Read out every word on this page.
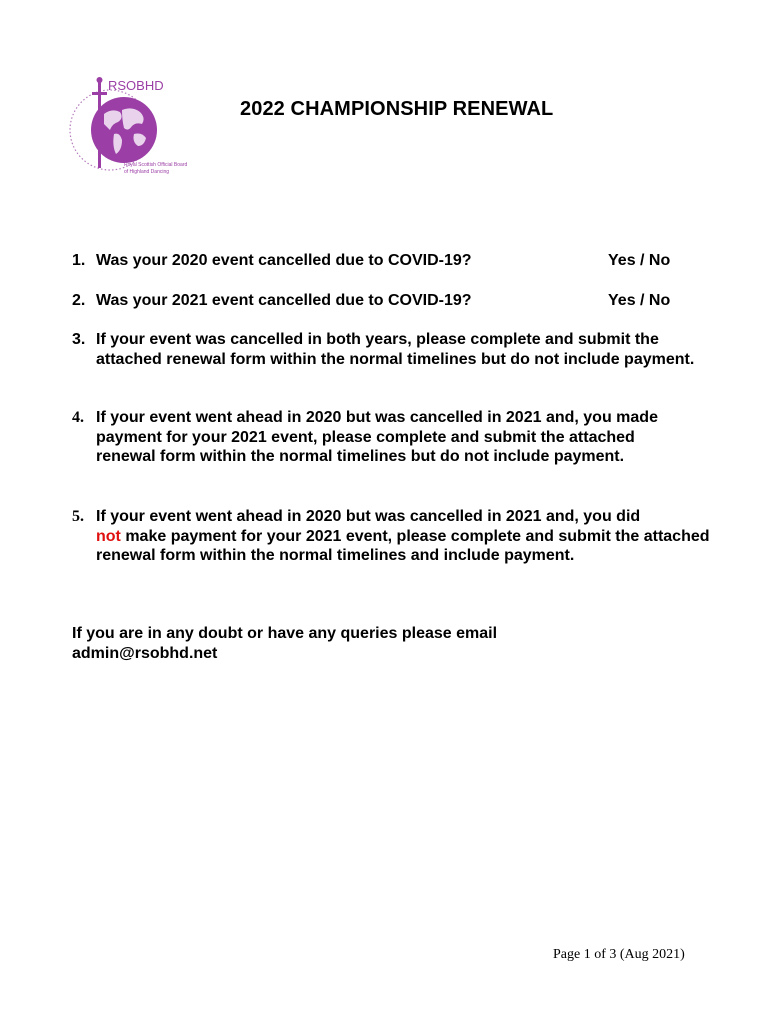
RSOBHD
Royal Scottish Official Board
of Highland Dancing
2022 CHAMPIONSHIP RENEWAL
1. Was your 2020 event cancelled due to COVID-19?	Yes / No
2. Was your 2021 event cancelled due to COVID-19?	Yes / No
3. If your event was cancelled in both years, please complete and submit the attached renewal form within the normal timelines but do not include payment.
4. If your event went ahead in 2020 but was cancelled in 2021 and, you made payment for your 2021 event, please complete and submit the attached renewal form within the normal timelines but do not include payment.
5. If your event went ahead in 2020 but was cancelled in 2021 and, you did
not make payment for your 2021 event, please complete and submit the attached renewal form within the normal timelines and include payment.
If you are in any doubt or have any queries please email
admin@rsobhd.net
Page 1 of 3 (Aug 2021)
